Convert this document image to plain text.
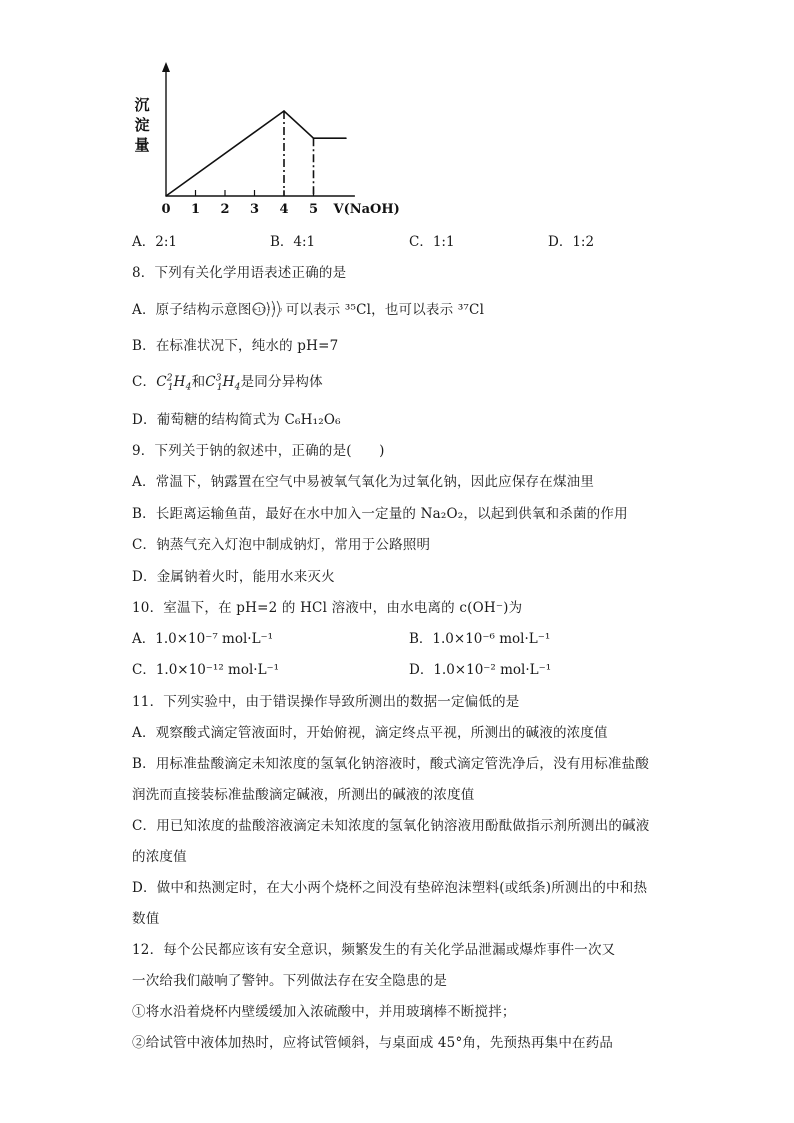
0 1 2 3 4 5 V(NaOH)
沉
淀
量
A．2:1	B．4:1	C．1:1	D．1:2
8．下列有关化学用语表述正确的是
A．原子结构示意图 +17 2 8 7 可以表示 ³⁵Cl，也可以表示 ³⁷Cl
B．在标准状况下，纯水的 pH=7
C．$C^2_1H_4$和$C^3_1H_4$是同分异构体
D．葡萄糖的结构简式为 C₆H₁₂O₆
9．下列关于钠的叙述中，正确的是(　　)
A．常温下，钠露置在空气中易被氧气氧化为过氧化钠，因此应保存在煤油里
B．长距离运输鱼苗，最好在水中加入一定量的 Na₂O₂，以起到供氧和杀菌的作用
C．钠蒸气充入灯泡中制成钠灯，常用于公路照明
D．金属钠着火时，能用水来灭火
10．室温下，在 pH=2 的 HCl 溶液中，由水电离的 c(OH⁻)为
A．1.0×10⁻⁷ mol·L⁻¹	B．1.0×10⁻⁶ mol·L⁻¹
C．1.0×10⁻¹² mol·L⁻¹	D．1.0×10⁻² mol·L⁻¹
11．下列实验中，由于错误操作导致所测出的数据一定偏低的是
A．观察酸式滴定管液面时，开始俯视，滴定终点平视，所测出的碱液的浓度值
B．用标准盐酸滴定未知浓度的氢氧化钠溶液时，酸式滴定管洗净后，没有用标准盐酸
润洗而直接装标准盐酸滴定碱液，所测出的碱液的浓度值
C．用已知浓度的盐酸溶液滴定未知浓度的氢氧化钠溶液用酚酞做指示剂所测出的碱液
的浓度值
D．做中和热测定时，在大小两个烧杯之间没有垫碎泡沫塑料(或纸条)所测出的中和热
数值
12．每个公民都应该有安全意识，频繁发生的有关化学品泄漏或爆炸事件一次又
一次给我们敲响了警钟。下列做法存在安全隐患的是
①将水沿着烧杯内壁缓缓加入浓硫酸中，并用玻璃棒不断搅拌；
②给试管中液体加热时，应将试管倾斜，与桌面成 45°角，先预热再集中在药品
